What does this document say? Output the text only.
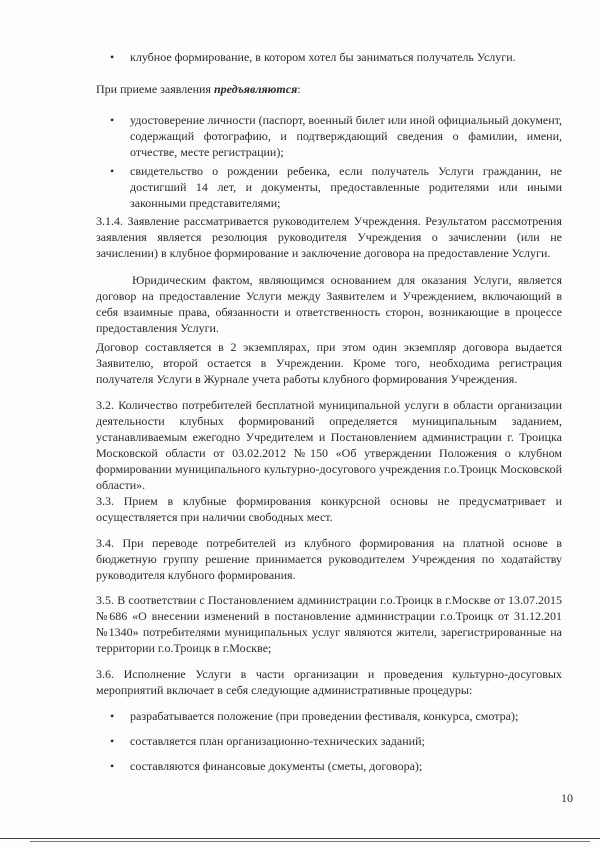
• клубное формирование, в котором хотел бы заниматься получатель Услуги.
При приеме заявления предъявляются:
• удостоверение личности (паспорт, военный билет или иной официальный документ, содержащий фотографию, и подтверждающий сведения о фамилии, имени, отчестве, месте регистрации);
• свидетельство о рождении ребенка, если получатель Услуги гражданин, не достигший 14 лет, и документы, предоставленные родителями или иными законными представителями;
3.1.4. Заявление рассматривается руководителем Учреждения. Результатом рассмотрения заявления является резолюция руководителя Учреждения о зачислении (или не зачислении) в клубное формирование и заключение договора на предоставление Услуги.
Юридическим фактом, являющимся основанием для оказания Услуги, является договор на предоставление Услуги между Заявителем и Учреждением, включающий в себя взаимные права, обязанности и ответственность сторон, возникающие в процессе предоставления Услуги.
Договор составляется в 2 экземплярах, при этом один экземпляр договора выдается Заявителю, второй остается в Учреждении. Кроме того, необходима регистрация получателя Услуги в Журнале учета работы клубного формирования Учреждения.
3.2. Количество потребителей бесплатной муниципальной услуги в области организации деятельности клубных формирований определяется муниципальным заданием, устанавливаемым ежегодно Учредителем и Постановлением администрации г. Троицка Московской области от 03.02.2012 №150 «Об утверждении Положения о клубном формировании муниципального культурно-досугового учреждения г.о.Троицк Московской области».
3.3. Прием в клубные формирования конкурсной основы не предусматривает и осуществляется при наличии свободных мест.
3.4. При переводе потребителей из клубного формирования на платной основе в бюджетную группу решение принимается руководителем Учреждения по ходатайству руководителя клубного формирования.
3.5. В соответствии с Постановлением администрации г.о.Троицк в г.Москве от 13.07.2015 №686 «О внесении изменений в постановление администрации г.о.Троицк от 31.12.201 №1340» потребителями муниципальных услуг являются жители, зарегистрированные на территории г.о.Троицк в г.Москве;
3.6. Исполнение Услуги в части организации и проведения культурно-досуговых мероприятий включает в себя следующие административные процедуры:
• разрабатывается положение (при проведении фестиваля, конкурса, смотра);
• составляется план организационно-технических заданий;
• составляются финансовые документы (сметы, договора);
10
